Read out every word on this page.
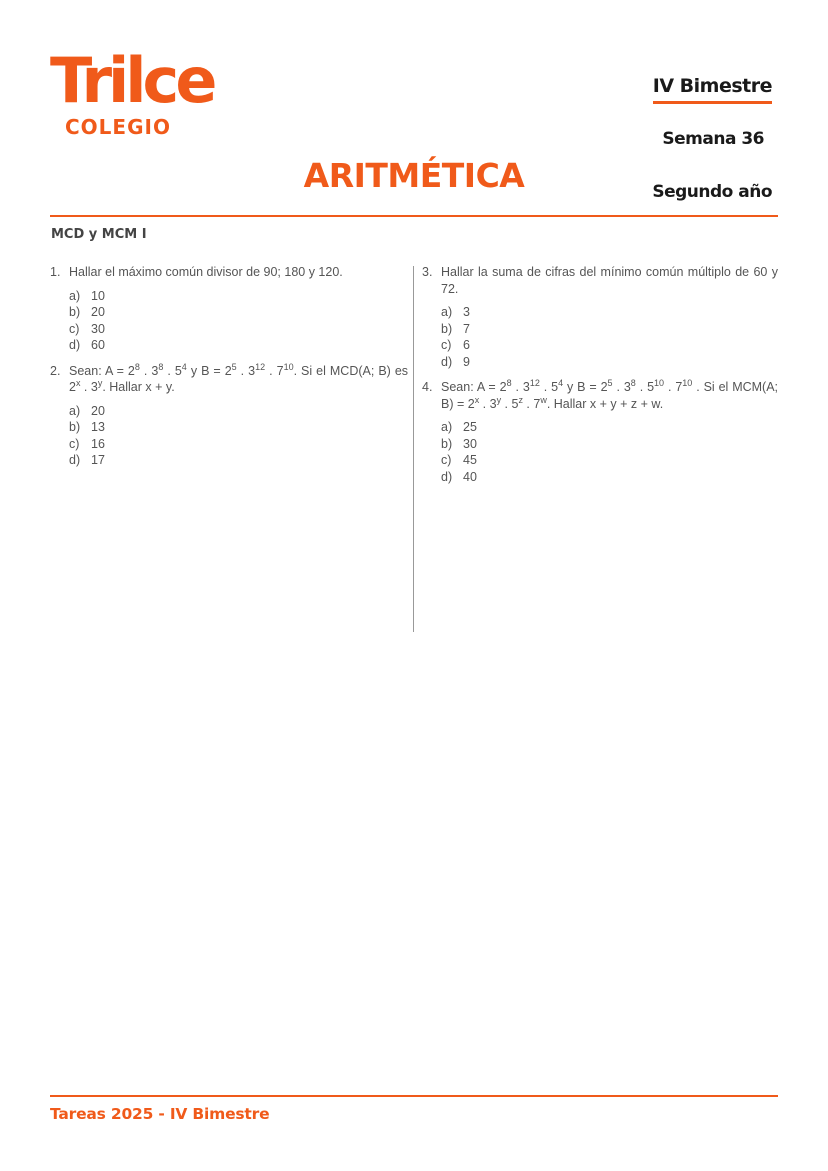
Trilce
COLEGIO
ARITMÉTICA
IV Bimestre
Semana 36
Segundo año
MCD y MCM I
1. Hallar el máximo común divisor de 90; 180 y 120.
a) 10
b) 20
c) 30
d) 60
2. Sean: $A = 2^8$ . $3^8$ . $5^4$ y $B = 2^5$ . $3^{12}$ . $7^{10}$. Si el MCD(A; B) es 2$^x$ . 3$^y$. Hallar x + y.
a) 20
b) 13
c) 16
d) 17
3. Hallar la suma de cifras del mínimo común múltiplo de 60 y 72.
a) 3
b) 7
c) 6
d) 9
4. Sean: $A = 2^8$ . $3^{12}$ . $5^4$ y $B = 2^5$ . $3^8$ . $5^{10}$ . $7^{10}$ . Si el MCM(A; $B) = 2^x$ . 3$^y$ . 5$^z$ . 7$^w$. Hallar x + y + z + w.
a) 25
b) 30
c) 45
d) 40
Tareas 2025 - IV Bimestre
